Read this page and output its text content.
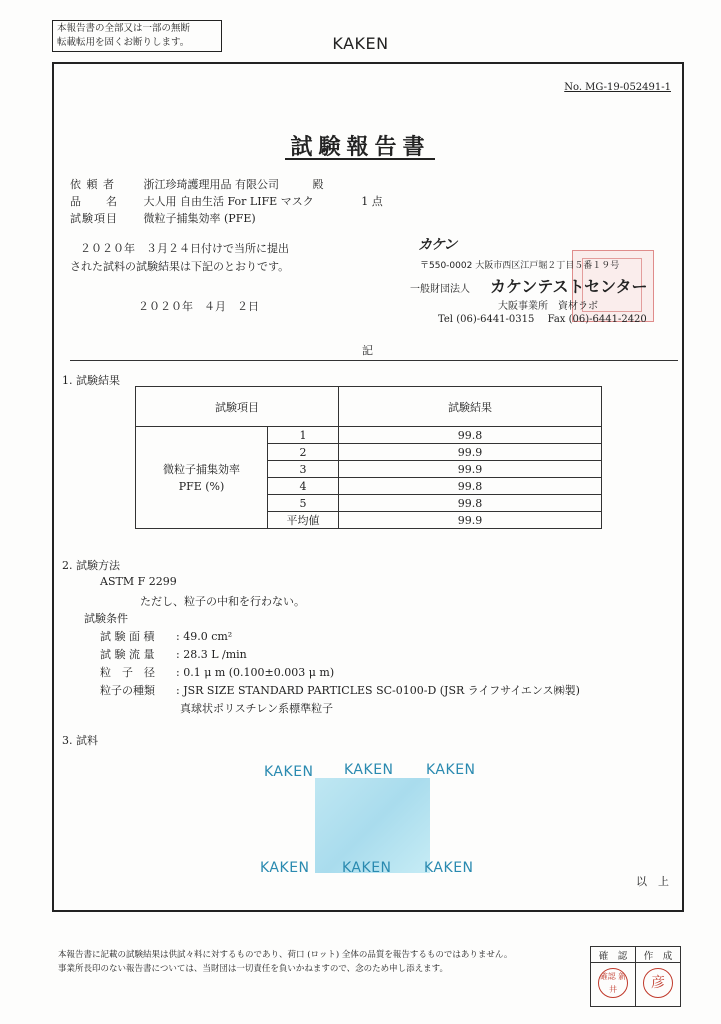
本報告書の全部又は一部の無断
転載転用を固くお断りします。	KAKEN
No. MG-19-052491-1
試験報告書
依 頼 者	浙江珍琦護理用品 有限公司	殿
品　　名 大人用 自由生活 For LIFE マスク	1 点
試験項目 微粒子捕集効率 (PFE)
２０２０年　３月２４日付けで当所に提出
された試料の試験結果は下記のとおりです。
２０２０年　４月　２日
カケン
〒550-0002 大阪市西区江戸堀２丁目５番１９号
一般財団法人 カケンテストセンター
大阪事業所　資材ラボ
Tel (06)-6441-0315 Fax (06)-6441-2420
記
1. 試験結果
試験項目		試験結果

微粒子捕集効率
PFE (%)	1	99.8
	2	99.9
	3	99.9
	4	99.8
	5	99.8
	平均値	99.9
2. 試験方法
ASTM F 2299
ただし、粒子の中和を行わない。
試験条件
試 験 面 積 : 49.0 cm²
試 験 流 量 : 28.3 L /min
粒　子　径 : 0.1 μ m (0.100±0.003 μ m)
粒子の種類 : JSR SIZE STANDARD PARTICLES SC-0100-D (JSR ライフサイエンス㈱製)
真球状ポリスチレン系標準粒子
3. 試料
KAKEN KAKEN KAKEN
KAKEN KAKEN KAKEN
以　上
本報告書に記載の試験結果は供試々料に対するものであり、荷口 (ロット) 全体の品質を報告するものではありません。
事業所長印のない報告書については、当財団は一切責任を負いかねますので、念のため申し添えます。
確　認	作　成
確認 新井	彦
